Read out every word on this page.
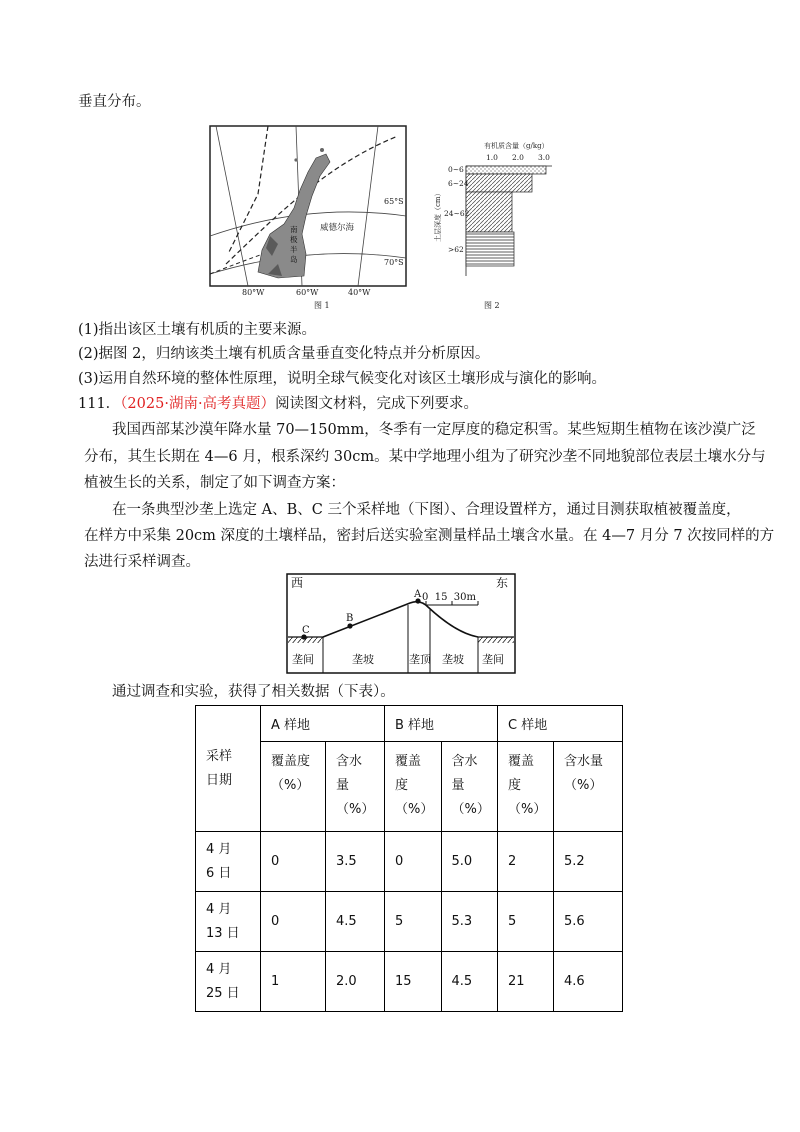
垂直分布。
威德尔海
南
极
半
岛
65°S
70°S
80°W	60°W	40°W
图 1
有机质含量（g/kg）
1.0 2.0 3.0
0~6
6~24
24~62
>62
土层深度（cm）
图 2
(1)指出该区土壤有机质的主要来源。
(2)据图 2，归纳该类土壤有机质含量垂直变化特点并分析原因。
(3)运用自然环境的整体性原理，说明全球气候变化对该区土壤形成与演化的影响。
111．（2025·湖南·高考真题）阅读图文材料，完成下列要求。
我国西部某沙漠年降水量 70—150mm，冬季有一定厚度的稳定积雪。某些短期生植物在该沙漠广泛
分布，其生长期在 4—6 月，根系深约 30cm。某中学地理小组为了研究沙垄不同地貌部位表层土壤水分与
植被生长的关系，制定了如下调查方案：
在一条典型沙垄上选定 A、B、C 三个采样地（下图）、合理设置样方，通过目测获取植被覆盖度，
在样方中采集 20cm 深度的土壤样品，密封后送实验室测量样品土壤含水量。在 4—7 月分 7 次按同样的方
法进行采样调查。
西	东
0  15  30m
A
B
C
垄间	垄坡	垄顶 垄坡 垄间
通过调查和实验，获得了相关数据（下表）。
采样日期	A 样地		B 样地		C 样地	

	覆盖度（%）	含水量（%）	覆盖度（%）	含水量（%）	覆盖度（%）	含水量（%）

4 月 6 日	0	3.5	0	5.0	2	5.2

4 月 13 日	0	4.5	5	5.3	5	5.6

4 月 25 日	1	2.0	15	4.5	21	4.6
